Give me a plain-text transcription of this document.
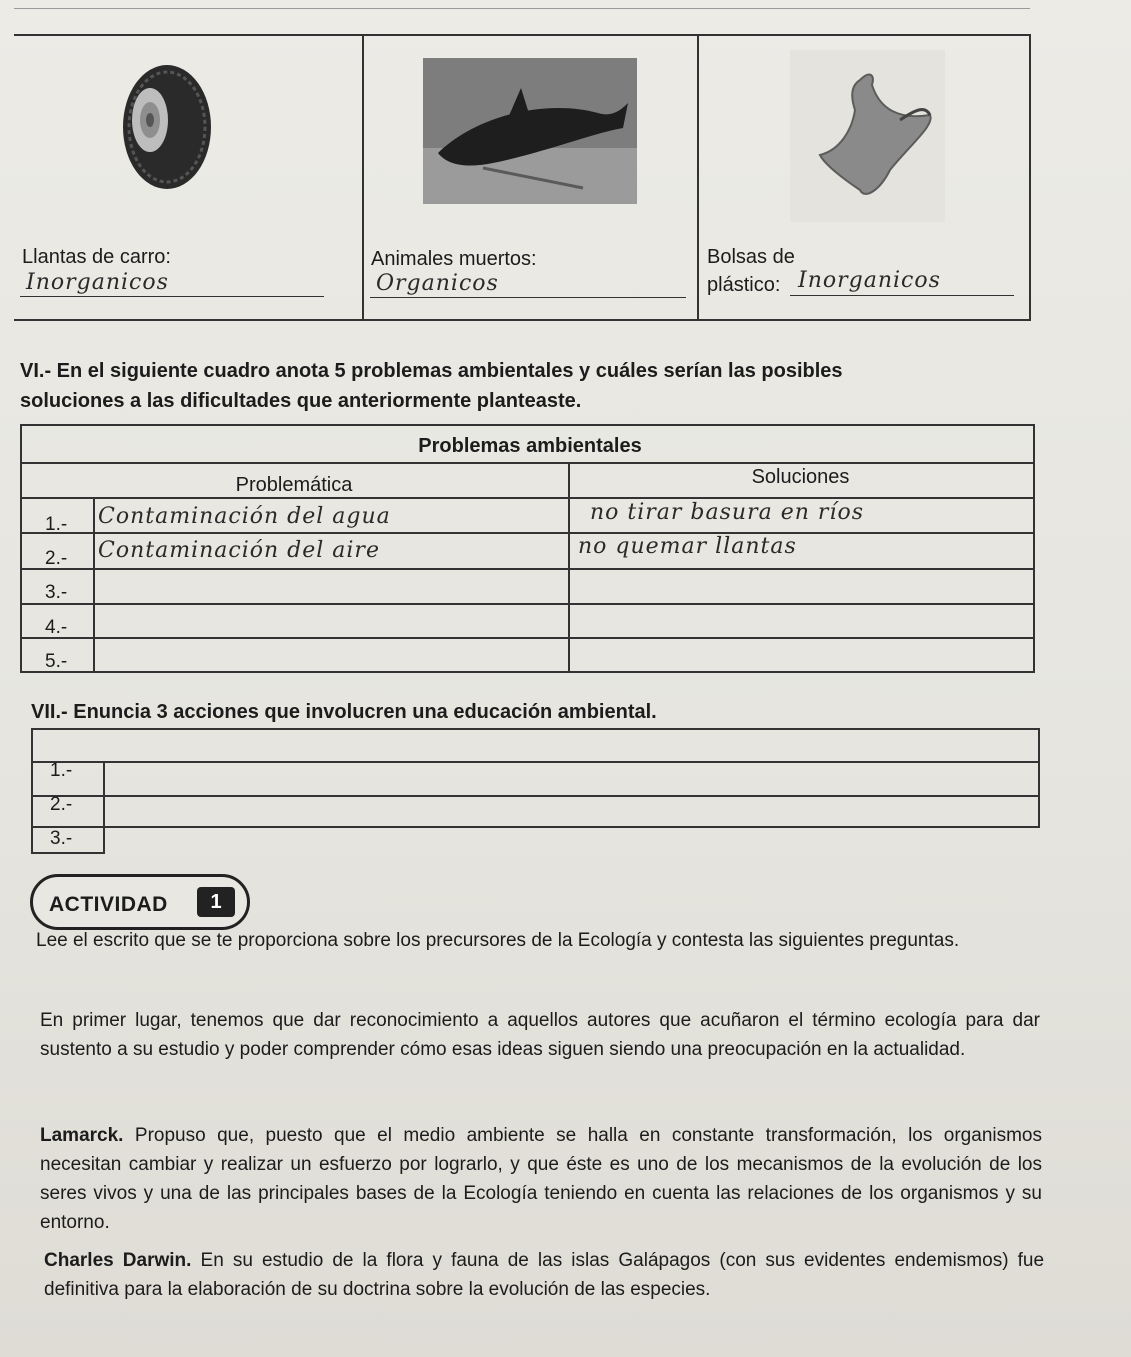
Llantas de carro:
Inorganicos
Animales muertos:
Organicos
Bolsas de
plástico: Inorganicos
VI.- En el siguiente cuadro anota 5 problemas ambientales y cuáles serían las posibles
soluciones a las dificultades que anteriormente planteaste.
Problemas ambientales
Problemática	Soluciones
1.- Contaminación del agua	no tirar basura en ríos
2.- Contaminación del aire	no quemar llantas
3.-
4.-
5.-
VII.- Enuncia 3 acciones que involucren una educación ambiental.
1.-
2.-
3.-
ACTIVIDAD	1
Lee el escrito que se te proporciona sobre los precursores de la Ecología y contesta las siguientes preguntas.
En primer lugar, tenemos que dar reconocimiento a aquellos autores que acuñaron el término ecología para dar sustento a su estudio y poder comprender cómo esas ideas siguen siendo una preocupación en la actualidad.
Lamarck. Propuso que, puesto que el medio ambiente se halla en constante transformación, los organismos necesitan cambiar y realizar un esfuerzo por lograrlo, y que éste es uno de los mecanismos de la evolución de los seres vivos y una de las principales bases de la Ecología teniendo en cuenta las relaciones de los organismos y su entorno.
Charles Darwin. En su estudio de la flora y fauna de las islas Galápagos (con sus evidentes endemismos) fue definitiva para la elaboración de su doctrina sobre la evolución de las especies.
